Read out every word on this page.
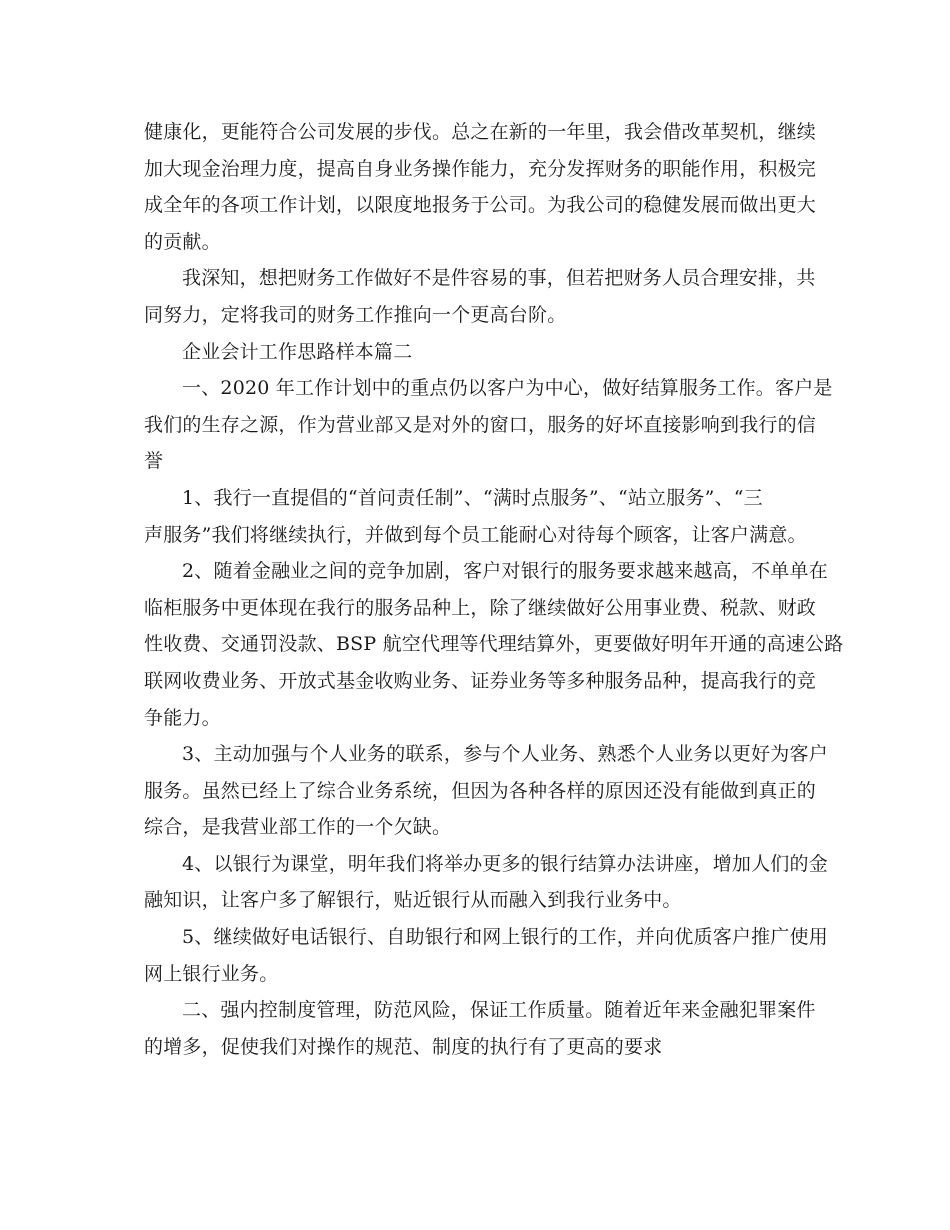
健康化，更能符合公司发展的步伐。总之在新的一年里，我会借改革契机，继续
加大现金治理力度，提高自身业务操作能力，充分发挥财务的职能作用，积极完
成全年的各项工作计划，以限度地报务于公司。为我公司的稳健发展而做出更大
的贡献。
我深知，想把财务工作做好不是件容易的事，但若把财务人员合理安排，共
同努力，定将我司的财务工作推向一个更高台阶。
企业会计工作思路样本篇二
一、2020 年工作计划中的重点仍以客户为中心，做好结算服务工作。客户是
我们的生存之源，作为营业部又是对外的窗口，服务的好坏直接影响到我行的信
誉
1、我行一直提倡的“首问责任制”、“满时点服务”、“站立服务”、“三
声服务”我们将继续执行，并做到每个员工能耐心对待每个顾客，让客户满意。
2、随着金融业之间的竞争加剧，客户对银行的服务要求越来越高，不单单在
临柜服务中更体现在我行的服务品种上，除了继续做好公用事业费、税款、财政
性收费、交通罚没款、BSP 航空代理等代理结算外，更要做好明年开通的高速公路
联网收费业务、开放式基金收购业务、证券业务等多种服务品种，提高我行的竞
争能力。
3、主动加强与个人业务的联系，参与个人业务、熟悉个人业务以更好为客户
服务。虽然已经上了综合业务系统，但因为各种各样的原因还没有能做到真正的
综合，是我营业部工作的一个欠缺。
4、以银行为课堂，明年我们将举办更多的银行结算办法讲座，增加人们的金
融知识，让客户多了解银行，贴近银行从而融入到我行业务中。
5、继续做好电话银行、自助银行和网上银行的工作，并向优质客户推广使用
网上银行业务。
二、强内控制度管理，防范风险，保证工作质量。随着近年来金融犯罪案件
的增多，促使我们对操作的规范、制度的执行有了更高的要求
